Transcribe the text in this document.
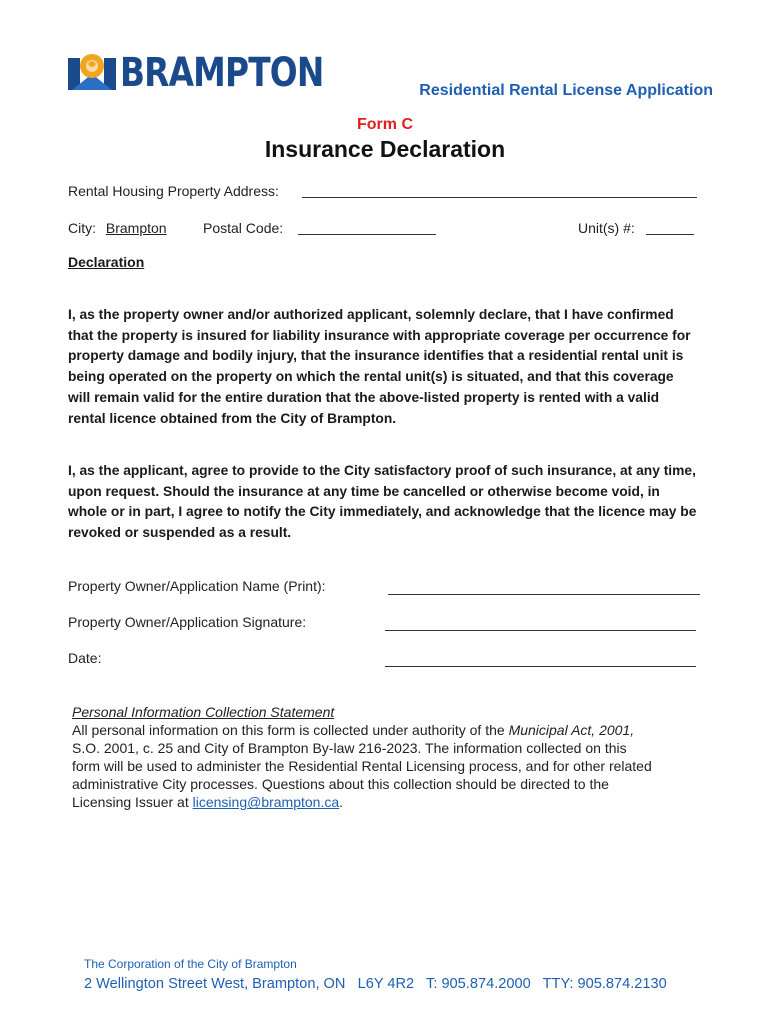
BRAMPTON	Residential Rental License Application
Form C
Insurance Declaration
Rental Housing Property Address:
City: Brampton	Postal Code:	Unit(s) #:
Declaration
I, as the property owner and/or authorized applicant, solemnly declare, that I have confirmed that the property is insured for liability insurance with appropriate coverage per occurrence for property damage and bodily injury, that the insurance identifies that a residential rental unit is being operated on the property on which the rental unit(s) is situated, and that this coverage will remain valid for the entire duration that the above-listed property is rented with a valid rental licence obtained from the City of Brampton.
I, as the applicant, agree to provide to the City satisfactory proof of such insurance, at any time, upon request. Should the insurance at any time be cancelled or otherwise become void, in whole or in part, I agree to notify the City immediately, and acknowledge that the licence may be revoked or suspended as a result.
Property Owner/Application Name (Print):
Property Owner/Application Signature:
Date:
Personal Information Collection Statement
All personal information on this form is collected under authority of the Municipal Act, 2001, S.O. 2001, c. 25 and City of Brampton By-law 216-2023. The information collected on this form will be used to administer the Residential Rental Licensing process, and for other related administrative City processes. Questions about this collection should be directed to the Licensing Issuer at licensing@brampton.ca.
The Corporation of the City of Brampton
2 Wellington Street West, Brampton, ON   L6Y 4R2   T: 905.874.2000   TTY: 905.874.2130
